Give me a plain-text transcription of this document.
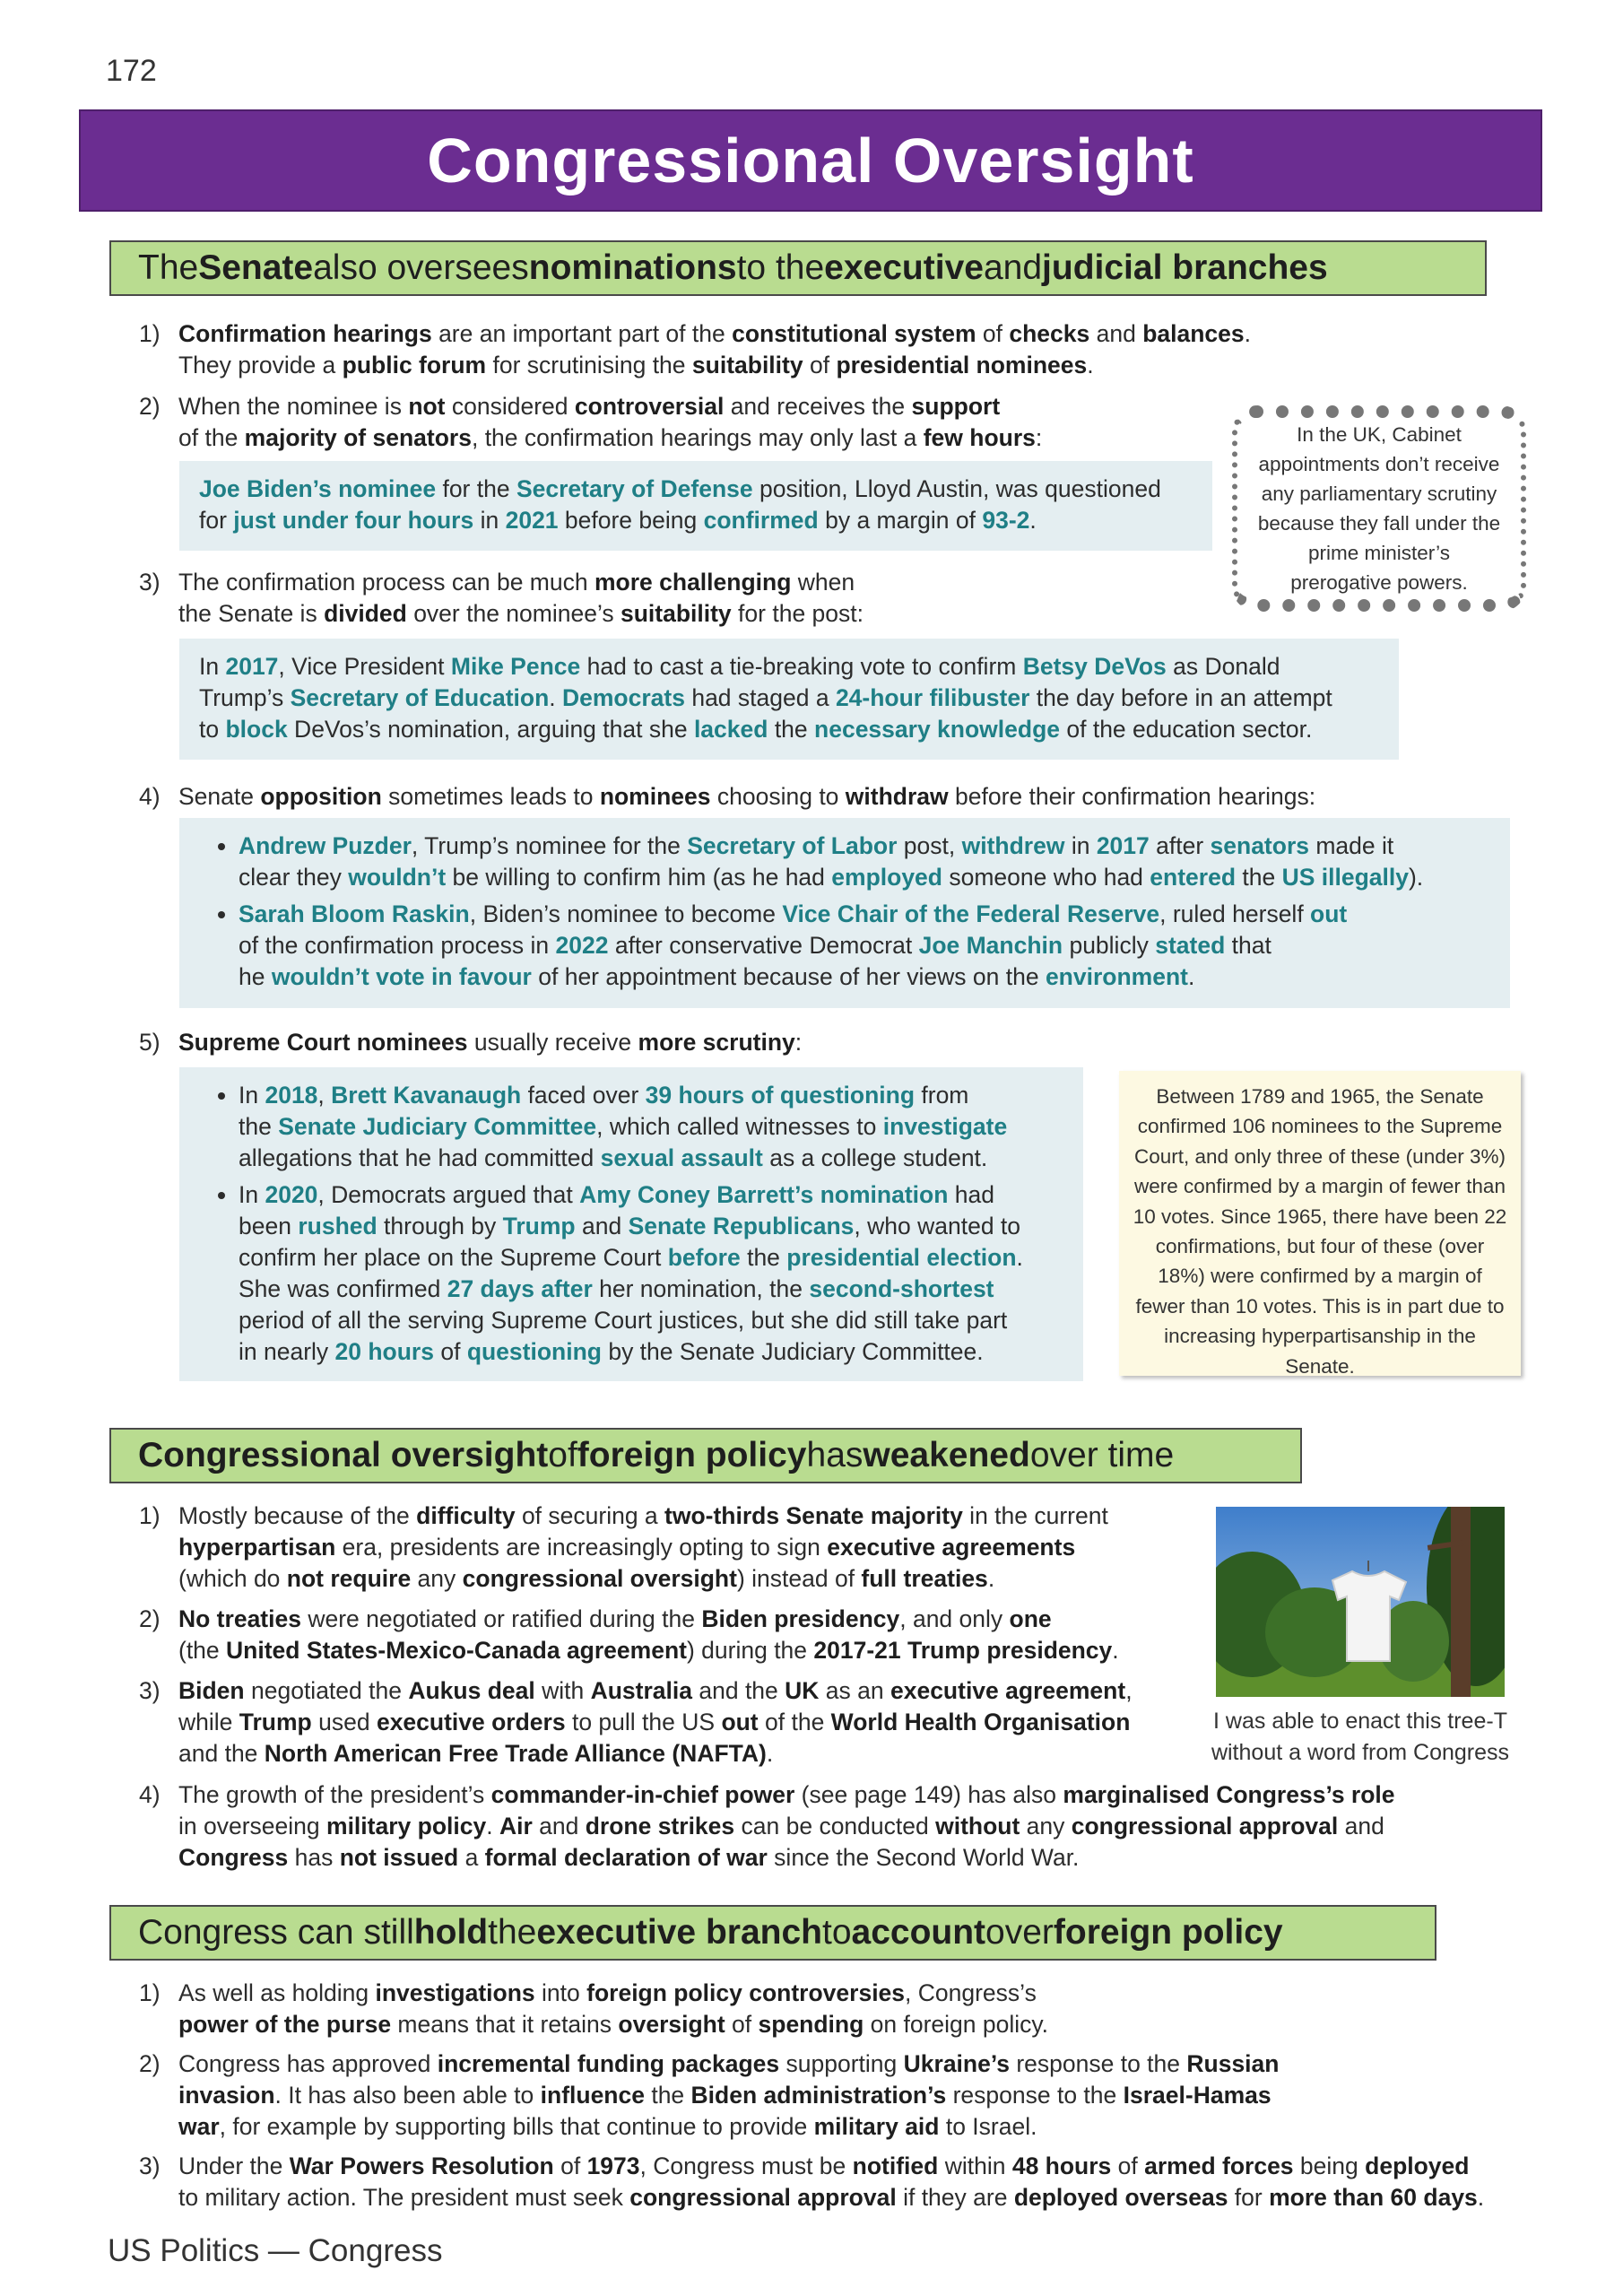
172
Congressional Oversight
The Senate also oversees nominations to the executive and judicial branches
1) Confirmation hearings are an important part of the constitutional system of checks and balances.
They provide a public forum for scrutinising the suitability of presidential nominees.
2) When the nominee is not considered controversial and receives the support
of the majority of senators, the confirmation hearings may only last a few hours:
Joe Biden’s nominee for the Secretary of Defense position, Lloyd Austin, was questioned
for just under four hours in 2021 before being confirmed by a margin of 93-2.
In the UK, Cabinet appointments don’t receive any parliamentary scrutiny because they fall under the prime minister’s prerogative powers.
3) The confirmation process can be much more challenging when
the Senate is divided over the nominee’s suitability for the post:
In 2017, Vice President Mike Pence had to cast a tie-breaking vote to confirm Betsy DeVos as Donald
Trump’s Secretary of Education. Democrats had staged a 24-hour filibuster the day before in an attempt
to block DeVos’s nomination, arguing that she lacked the necessary knowledge of the education sector.
4) Senate opposition sometimes leads to nominees choosing to withdraw before their confirmation hearings:
• Andrew Puzder, Trump’s nominee for the Secretary of Labor post, withdrew in 2017 after senators made it
clear they wouldn’t be willing to confirm him (as he had employed someone who had entered the US illegally).
• Sarah Bloom Raskin, Biden’s nominee to become Vice Chair of the Federal Reserve, ruled herself out
of the confirmation process in 2022 after conservative Democrat Joe Manchin publicly stated that
he wouldn’t vote in favour of her appointment because of her views on the environment.
5) Supreme Court nominees usually receive more scrutiny:
• In 2018, Brett Kavanaugh faced over 39 hours of questioning from
the Senate Judiciary Committee, which called witnesses to investigate
allegations that he had committed sexual assault as a college student.
• In 2020, Democrats argued that Amy Coney Barrett’s nomination had
been rushed through by Trump and Senate Republicans, who wanted to
confirm her place on the Supreme Court before the presidential election.
She was confirmed 27 days after her nomination, the second-shortest
period of all the serving Supreme Court justices, but she did still take part
in nearly 20 hours of questioning by the Senate Judiciary Committee.
Between 1789 and 1965, the Senate confirmed 106 nominees to the Supreme Court, and only three of these (under 3%) were confirmed by a margin of fewer than 10 votes. Since 1965, there have been 22 confirmations, but four of these (over 18%) were confirmed by a margin of fewer than 10 votes. This is in part due to increasing hyperpartisanship in the Senate.
Congressional oversight of foreign policy has weakened over time
1) Mostly because of the difficulty of securing a two-thirds Senate majority in the current
hyperpartisan era, presidents are increasingly opting to sign executive agreements
(which do not require any congressional oversight) instead of full treaties.
2) No treaties were negotiated or ratified during the Biden presidency, and only one
(the United States-Mexico-Canada agreement) during the 2017-21 Trump presidency.
3) Biden negotiated the Aukus deal with Australia and the UK as an executive agreement,
while Trump used executive orders to pull the US out of the World Health Organisation
and the North American Free Trade Alliance (NAFTA).
I was able to enact this tree-T
without a word from Congress
4) The growth of the president’s commander-in-chief power (see page 149) has also marginalised Congress’s role
in overseeing military policy. Air and drone strikes can be conducted without any congressional approval and
Congress has not issued a formal declaration of war since the Second World War.
Congress can still hold the executive branch to account over foreign policy
1) As well as holding investigations into foreign policy controversies, Congress’s
power of the purse means that it retains oversight of spending on foreign policy.
2) Congress has approved incremental funding packages supporting Ukraine’s response to the Russian
invasion. It has also been able to influence the Biden administration’s response to the Israel-Hamas
war, for example by supporting bills that continue to provide military aid to Israel.
3) Under the War Powers Resolution of 1973, Congress must be notified within 48 hours of armed forces being deployed
to military action. The president must seek congressional approval if they are deployed overseas for more than 60 days.
US Politics — Congress
